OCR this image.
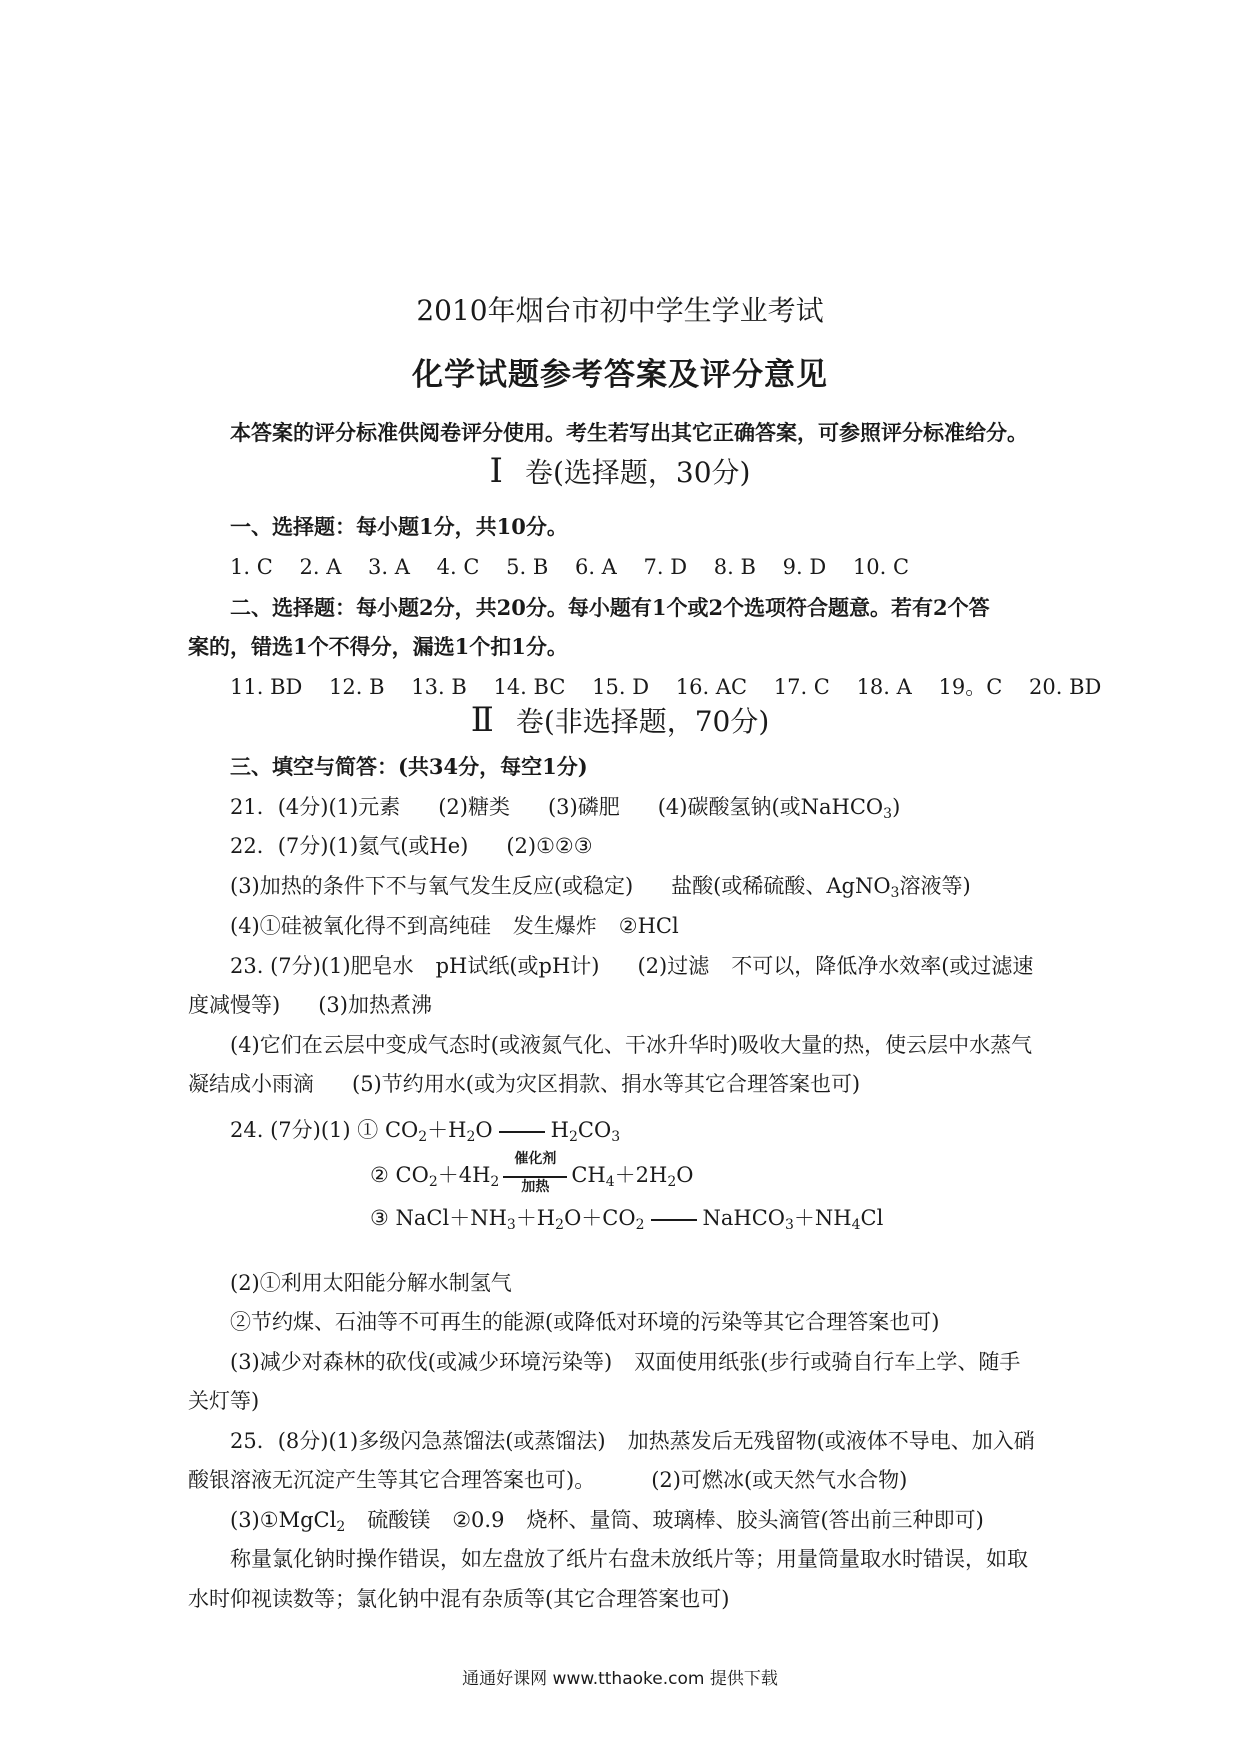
2010年烟台市初中学生学业考试
化学试题参考答案及评分意见
本答案的评分标准供阅卷评分使用。考生若写出其它正确答案，可参照评分标准给分。
Ⅰ 卷(选择题，30分)
一、选择题：每小题1分，共10分。
1. C    2. A    3. A    4. C    5. B    6. A    7. D    8. B    9. D    10. C
二、选择题：每小题2分，共20分。每小题有1个或2个选项符合题意。若有2个答
案的，错选1个不得分，漏选1个扣1分。
11. BD    12. B    13. B    14. BC    15. D    16. AC    17. C    18. A    19。C    20. BD
Ⅱ 卷(非选择题，70分)
三、填空与简答：(共34分，每空1分)
21．(4分)(1)元素 (2)糖类 (3)磷肥 (4)碳酸氢钠(或NaHCO$_3$)
22．(7分)(1)氦气(或He) (2)①②③
(3)加热的条件下不与氧气发生反应(或稳定) 盐酸(或稀硫酸、AgNO$_3$溶液等)
(4)①硅被氧化得不到高纯硅 发生爆炸 ②HCl
23. (7分)(1)肥皂水 pH试纸(或pH计) (2)过滤 不可以，降低净水效率(或过滤速
度减慢等) (3)加热煮沸
(4)它们在云层中变成气态时(或液氮气化、干冰升华时)吸收大量的热，使云层中水蒸气
凝结成小雨滴 (5)节约用水(或为灾区捐款、捐水等其它合理答案也可)
24. (7分)(1) ① $CO_2+H_2O$	$H_2CO_3$
② $CO_2+4H_2$
催化剂
加热	$CH_4+2H_2O$
③ $NaCl+NH_3+H_2O+CO_2$	$NaHCO_3+NH_4Cl$
(2)①利用太阳能分解水制氢气
②节约煤、石油等不可再生的能源(或降低对环境的污染等其它合理答案也可)
(3)减少对森林的砍伐(或减少环境污染等) 双面使用纸张(步行或骑自行车上学、随手
关灯等)
25．(8分)(1)多级闪急蒸馏法(或蒸馏法) 加热蒸发后无残留物(或液体不导电、加入硝
酸银溶液无沉淀产生等其它合理答案也可)。	(2)可燃冰(或天然气水合物)
(3)①MgCl$_2$ 硫酸镁 ②0.9 烧杯、量筒、玻璃棒、胶头滴管(答出前三种即可)
称量氯化钠时操作错误，如左盘放了纸片右盘未放纸片等；用量筒量取水时错误，如取
水时仰视读数等；氯化钠中混有杂质等(其它合理答案也可)
通通好课网 www.tthaoke.com 提供下载
